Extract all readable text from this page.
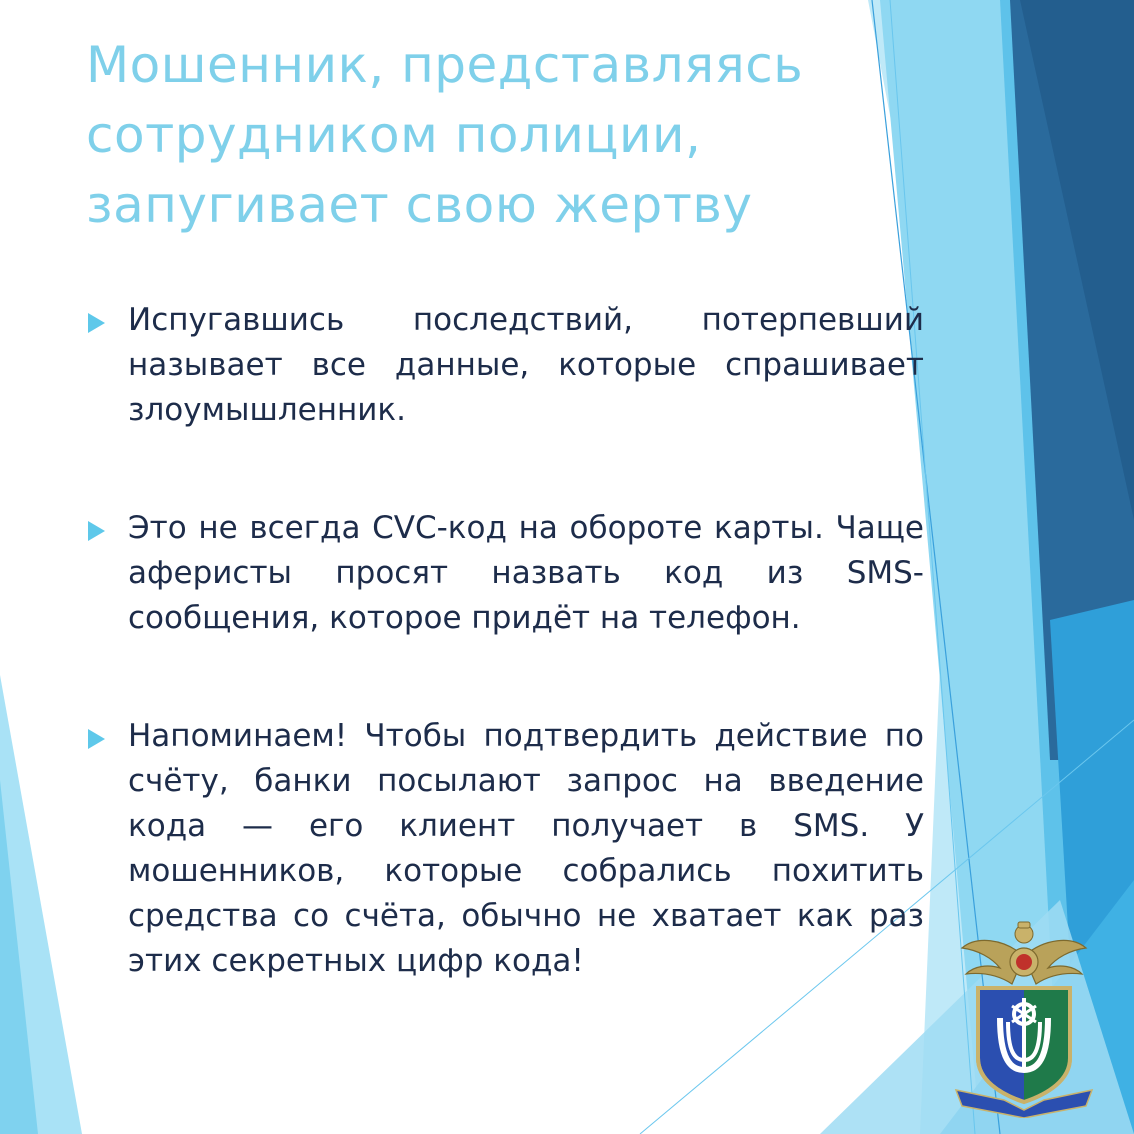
Мошенник, представляясь сотрудником полиции, запугивает свою жертву
Испугавшись последствий, потерпевший называет все данные, которые спрашивает злоумышленник.
Это не всегда CVC-код на обороте карты. Чаще аферисты просят назвать код из SMS-сообщения, которое придёт на телефон.
Напоминаем! Чтобы подтвердить действие по счёту, банки посылают запрос на введение кода — его клиент получает в SMS. У мошенников, которые собрались похитить средства со счёта, обычно не хватает как раз этих секретных цифр кода!
